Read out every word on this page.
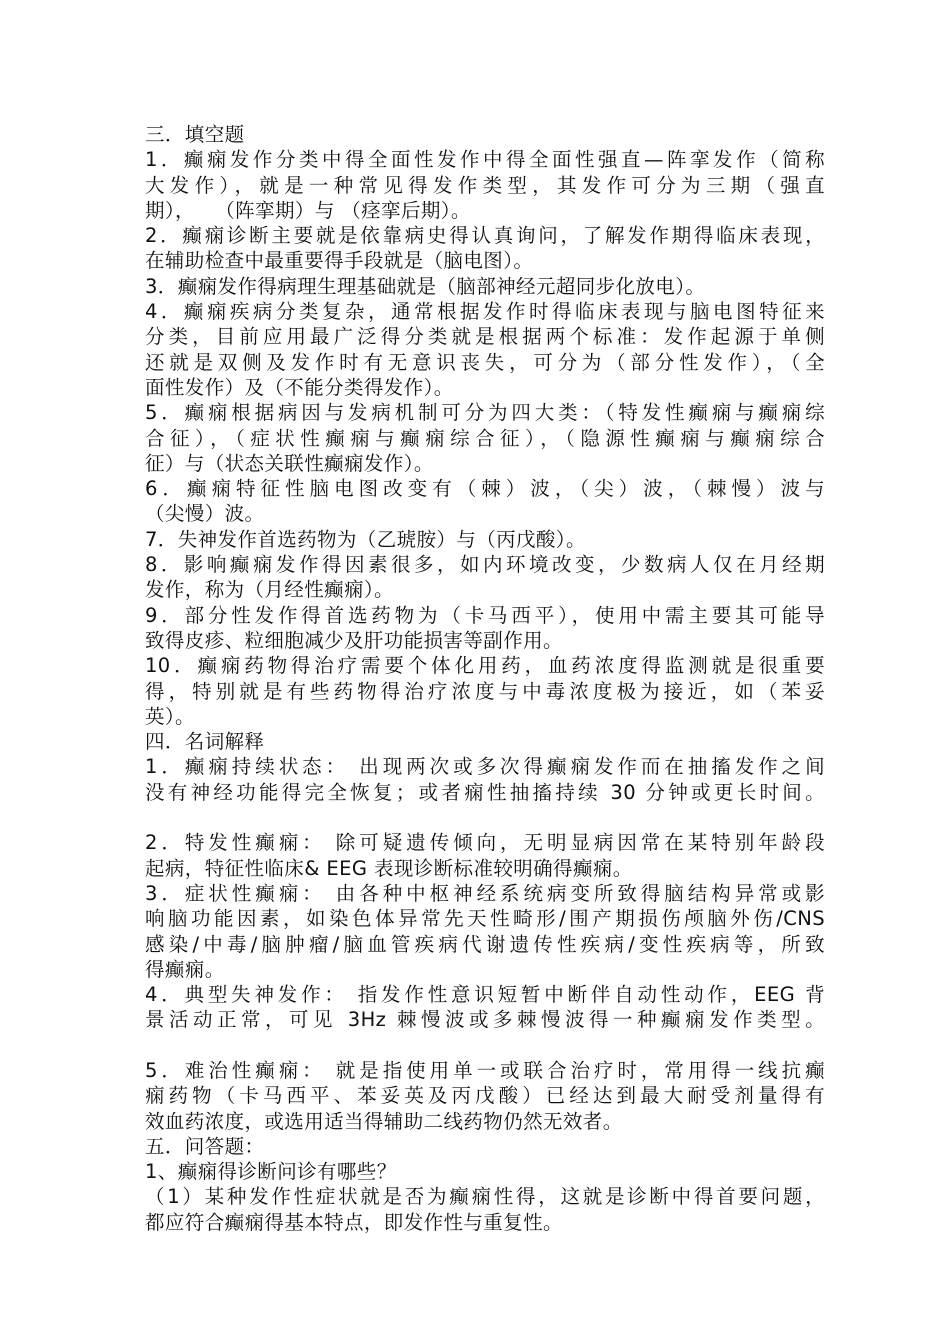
三．填空题
1．癫痫发作分类中得全面性发作中得全面性强直—阵挛发作（简称
大发作），就是一种常见得发作类型，其发作可分为三期（强直
期），　　（阵挛期）与 （痉挛后期）。
2．癫痫诊断主要就是依靠病史得认真询问，了解发作期得临床表现，
在辅助检查中最重要得手段就是（脑电图）。
3．癫痫发作得病理生理基础就是（脑部神经元超同步化放电）。
4．癫痫疾病分类复杂，通常根据发作时得临床表现与脑电图特征来
分类，目前应用最广泛得分类就是根据两个标准：发作起源于单侧
还就是双侧及发作时有无意识丧失，可分为（部分性发作），（全
面性发作）及（不能分类得发作）。
5．癫痫根据病因与发病机制可分为四大类：（特发性癫痫与癫痫综
合征），（症状性癫痫与癫痫综合征），（隐源性癫痫与癫痫综合
征）与（状态关联性癫痫发作）。
6．癫痫特征性脑电图改变有（棘）波，（尖）波，（棘慢）波与
（尖慢）波。
7．失神发作首选药物为（乙琥胺）与（丙戊酸）。
8．影响癫痫发作得因素很多，如内环境改变，少数病人仅在月经期
发作，称为（月经性癫痫）。
9．部分性发作得首选药物为（卡马西平），使用中需主要其可能导
致得皮疹、粒细胞减少及肝功能损害等副作用。
10．癫痫药物得治疗需要个体化用药，血药浓度得监测就是很重要
得，特别就是有些药物得治疗浓度与中毒浓度极为接近，如（苯妥
英）。
四．名词解释
1．癫痫持续状态： 出现两次或多次得癫痫发作而在抽搐发作之间
没有神经功能得完全恢复；或者痫性抽搐持续 30 分钟或更长时间。
2．特发性癫痫： 除可疑遗传倾向，无明显病因常在某特别年龄段
起病，特征性临床& EEG 表现诊断标准较明确得癫痫。
3．症状性癫痫： 由各种中枢神经系统病变所致得脑结构异常或影
响脑功能因素，如染色体异常先天性畸形/围产期损伤颅脑外伤/CNS
感染/中毒/脑肿瘤/脑血管疾病代谢遗传性疾病/变性疾病等，所致
得癫痫。
4．典型失神发作： 指发作性意识短暂中断伴自动性动作，EEG 背
景活动正常，可见 3Hz 棘慢波或多棘慢波得一种癫痫发作类型。
5．难治性癫痫： 就是指使用单一或联合治疗时，常用得一线抗癫
痫药物（卡马西平、苯妥英及丙戊酸）已经达到最大耐受剂量得有
效血药浓度，或选用适当得辅助二线药物仍然无效者。
五．问答题：
1、癫痫得诊断问诊有哪些？
（1）某种发作性症状就是否为癫痫性得，这就是诊断中得首要问题，
都应符合癫痫得基本特点，即发作性与重复性。
